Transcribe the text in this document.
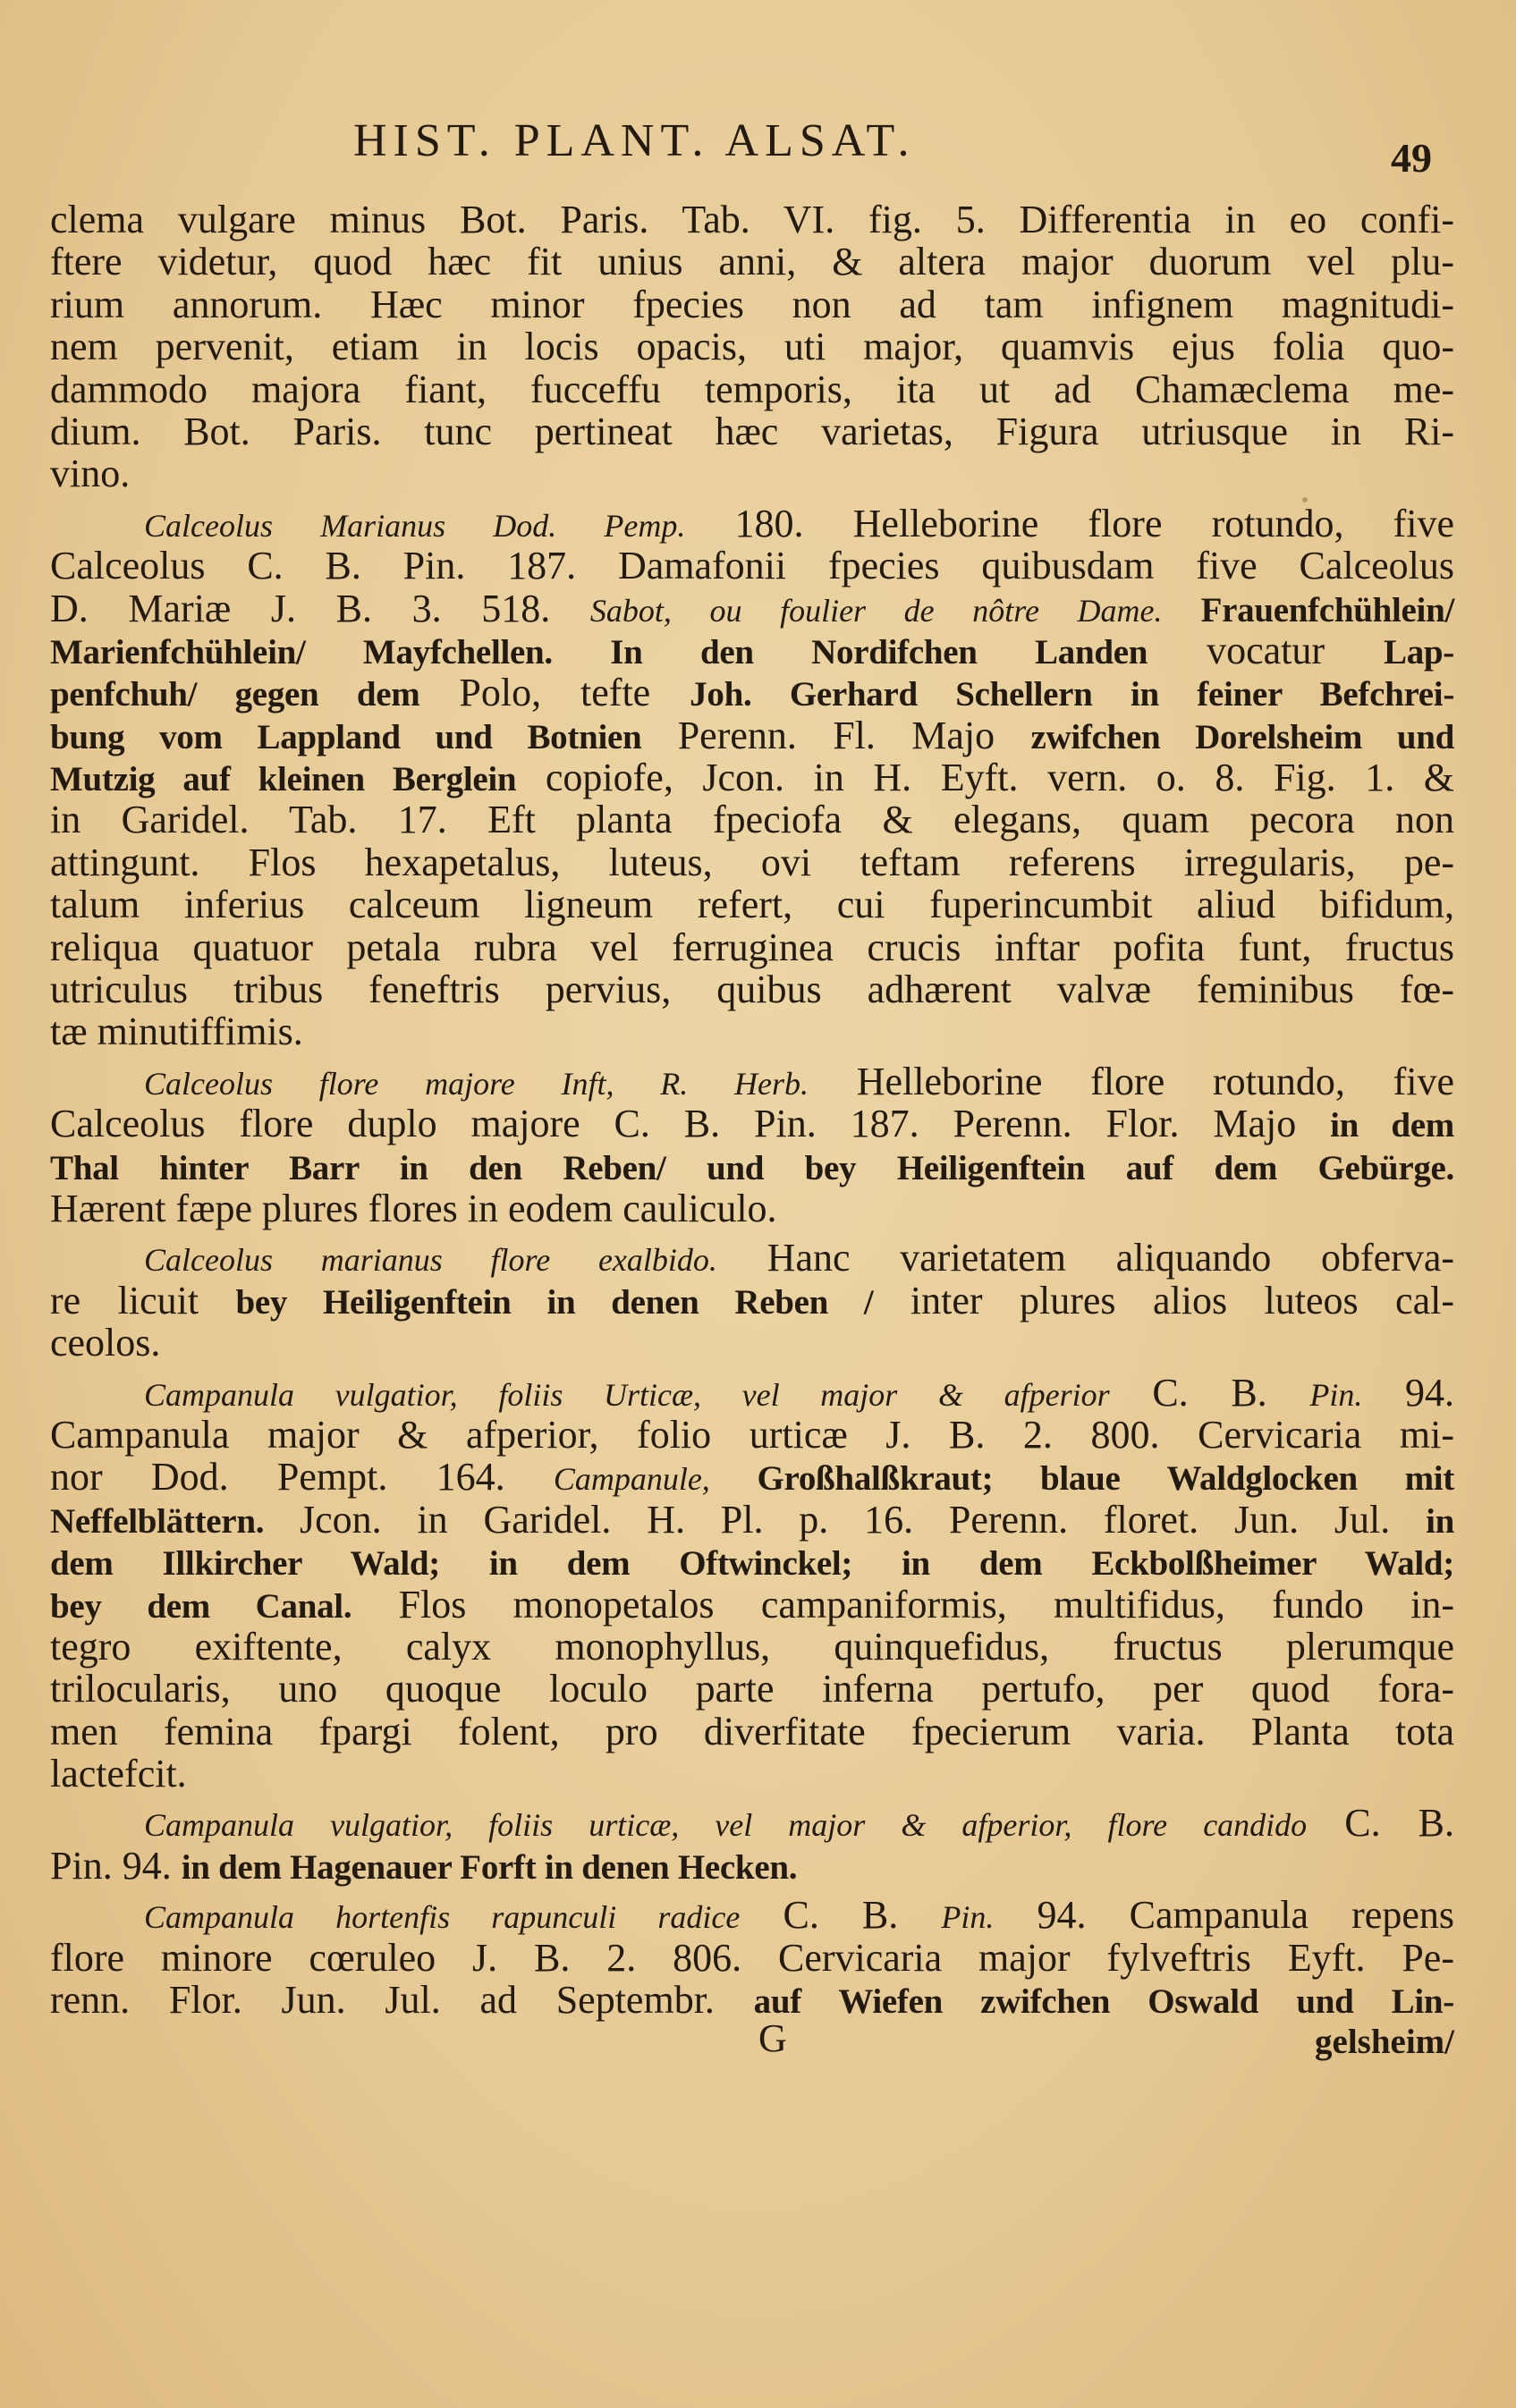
HIST. PLANT. ALSAT.	49
clema vulgare minus Bot. Paris. Tab. VI. fig. 5. Differentia in eo confi-
ftere videtur, quod hæc fit unius anni, & altera major duorum vel plu-
rium annorum. Hæc minor fpecies non ad tam infignem magnitudi-
nem pervenit, etiam in locis opacis, uti major, quamvis ejus folia quo-
dammodo majora fiant, fucceffu temporis, ita ut ad Chamæclema me-
dium. Bot. Paris. tunc pertineat hæc varietas, Figura utriusque in Ri-
vino.
Calceolus Marianus Dod. Pemp. 180. Helleborine flore rotundo, five
Calceolus C. B. Pin. 187. Damafonii fpecies quibusdam five Calceolus
D. Mariæ J. B. 3. 518. Sabot, ou foulier de nôtre Dame. Frauenfchühlein/
Marienfchühlein/ Mayfchellen. In den Nordifchen Landen vocatur Lap-
penfchuh/ gegen dem Polo, tefte Joh. Gerhard Schellern in feiner Befchrei-
bung vom Lappland und Botnien Perenn. Fl. Majo zwifchen Dorelsheim und
Mutzig auf kleinen Berglein copiofe, Jcon. in H. Eyft. vern. o. 8. Fig. 1. &
in Garidel. Tab. 17. Eft planta fpeciofa & elegans, quam pecora non
attingunt. Flos hexapetalus, luteus, ovi teftam referens irregularis, pe-
talum inferius calceum ligneum refert, cui fuperincumbit aliud bifidum,
reliqua quatuor petala rubra vel ferruginea crucis inftar pofita funt, fructus
utriculus tribus feneftris pervius, quibus adhærent valvæ feminibus fœ-
tæ minutiffimis.
Calceolus flore majore Inft, R. Herb. Helleborine flore rotundo, five
Calceolus flore duplo majore C. B. Pin. 187. Perenn. Flor. Majo in dem
Thal hinter Barr in den Reben/ und bey Heiligenftein auf dem Gebürge.
Hærent fæpe plures flores in eodem cauliculo.
Calceolus marianus flore exalbido. Hanc varietatem aliquando obferva-
re licuit bey Heiligenftein in denen Reben / inter plures alios luteos cal-
ceolos.
Campanula vulgatior, foliis Urticæ, vel major & afperior C. B. Pin. 94.
Campanula major & afperior, folio urticæ J. B. 2. 800. Cervicaria mi-
nor Dod. Pempt. 164. Campanule, Großhalßkraut; blaue Waldglocken mit
Neffelblättern. Jcon. in Garidel. H. Pl. p. 16. Perenn. floret. Jun. Jul. in
dem Illkircher Wald; in dem Oftwinckel; in dem Eckbolßheimer Wald;
bey dem Canal. Flos monopetalos campaniformis, multifidus, fundo in-
tegro exiftente, calyx monophyllus, quinquefidus, fructus plerumque
trilocularis, uno quoque loculo parte inferna pertufo, per quod fora-
men femina fpargi folent, pro diverfitate fpecierum varia. Planta tota
lactefcit.
Campanula vulgatior, foliis urticæ, vel major & afperior, flore candido C. B.
Pin. 94. in dem Hagenauer Forft in denen Hecken.
Campanula hortenfis rapunculi radice C. B. Pin. 94. Campanula repens
flore minore cœruleo J. B. 2. 806. Cervicaria major fylveftris Eyft. Pe-
renn. Flor. Jun. Jul. ad Septembr. auf Wiefen zwifchen Oswald und Lin-
G	gelsheim/
